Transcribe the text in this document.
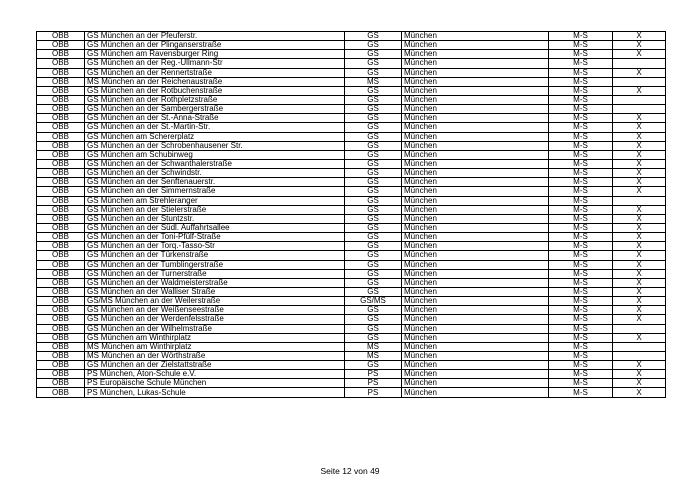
OBB	GS München an der Pfeuferstr.	GS	München	M-S	X
OBB	GS München an der Plinganserstraße	GS	München	M-S	X
OBB	GS München am Ravensburger Ring	GS	München	M-S	X
OBB	GS München an der Reg.-Ullmann-Str	GS	München	M-S	
OBB	GS München an der Rennertstraße	GS	München	M-S	X
OBB	MS München an der Reichenaustraße	MS	München	M-S	
OBB	GS München an der Rotbuchenstraße	GS	München	M-S	X
OBB	GS München an der Rothpletzstraße	GS	München	M-S	
OBB	GS München an der Sambergerstraße	GS	München	M-S	
OBB	GS München an der St.-Anna-Straße	GS	München	M-S	X
OBB	GS München an der St.-Martin-Str.	GS	München	M-S	X
OBB	GS München am Schererplatz	GS	München	M-S	X
OBB	GS München an der Schrobenhausener Str.	GS	München	M-S	X
OBB	GS München am Schubinweg	GS	München	M-S	X
OBB	GS München an der Schwanthalerstraße	GS	München	M-S	X
OBB	GS München an der Schwindstr.	GS	München	M-S	X
OBB	GS München an der Senftenauerstr.	GS	München	M-S	X
OBB	GS München an der Simmernstraße	GS	München	M-S	X
OBB	GS München am Strehleranger	GS	München	M-S	
OBB	GS München an der Stielerstraße	GS	München	M-S	X
OBB	GS München an der Stuntzstr.	GS	München	M-S	X
OBB	GS München an der Südl. Auffahrtsallee	GS	München	M-S	X
OBB	GS München an der Toni-Pfülf-Straße	GS	München	M-S	X
OBB	GS München an der Torq.-Tasso-Str	GS	München	M-S	X
OBB	GS München an der Türkenstraße	GS	München	M-S	X
OBB	GS München an der Tumblingerstraße	GS	München	M-S	X
OBB	GS München an der Turnerstraße	GS	München	M-S	X
OBB	GS München an der Waldmeisterstraße	GS	München	M-S	X
OBB	GS München an der Walliser Straße	GS	München	M-S	X
OBB	GS/MS München an der Weilerstraße	GS/MS	München	M-S	X
OBB	GS München an der Weißenseestraße	GS	München	M-S	X
OBB	GS München an der Werdenfelsstraße	GS	München	M-S	X
OBB	GS München an der Wilhelmstraße	GS	München	M-S	
OBB	GS München am Winthirplatz	GS	München	M-S	X
OBB	MS München am Winthirplatz	MS	München	M-S	
OBB	MS München an der Wörthstraße	MS	München	M-S	
OBB	GS München an der Zielstattstraße	GS	München	M-S	X
OBB	PS München, Aton-Schule e.V.	PS	München	M-S	X
OBB	PS Europäische Schule München	PS	München	M-S	X
OBB	PS München, Lukas-Schule	PS	München	M-S	X
Seite 12 von 49
